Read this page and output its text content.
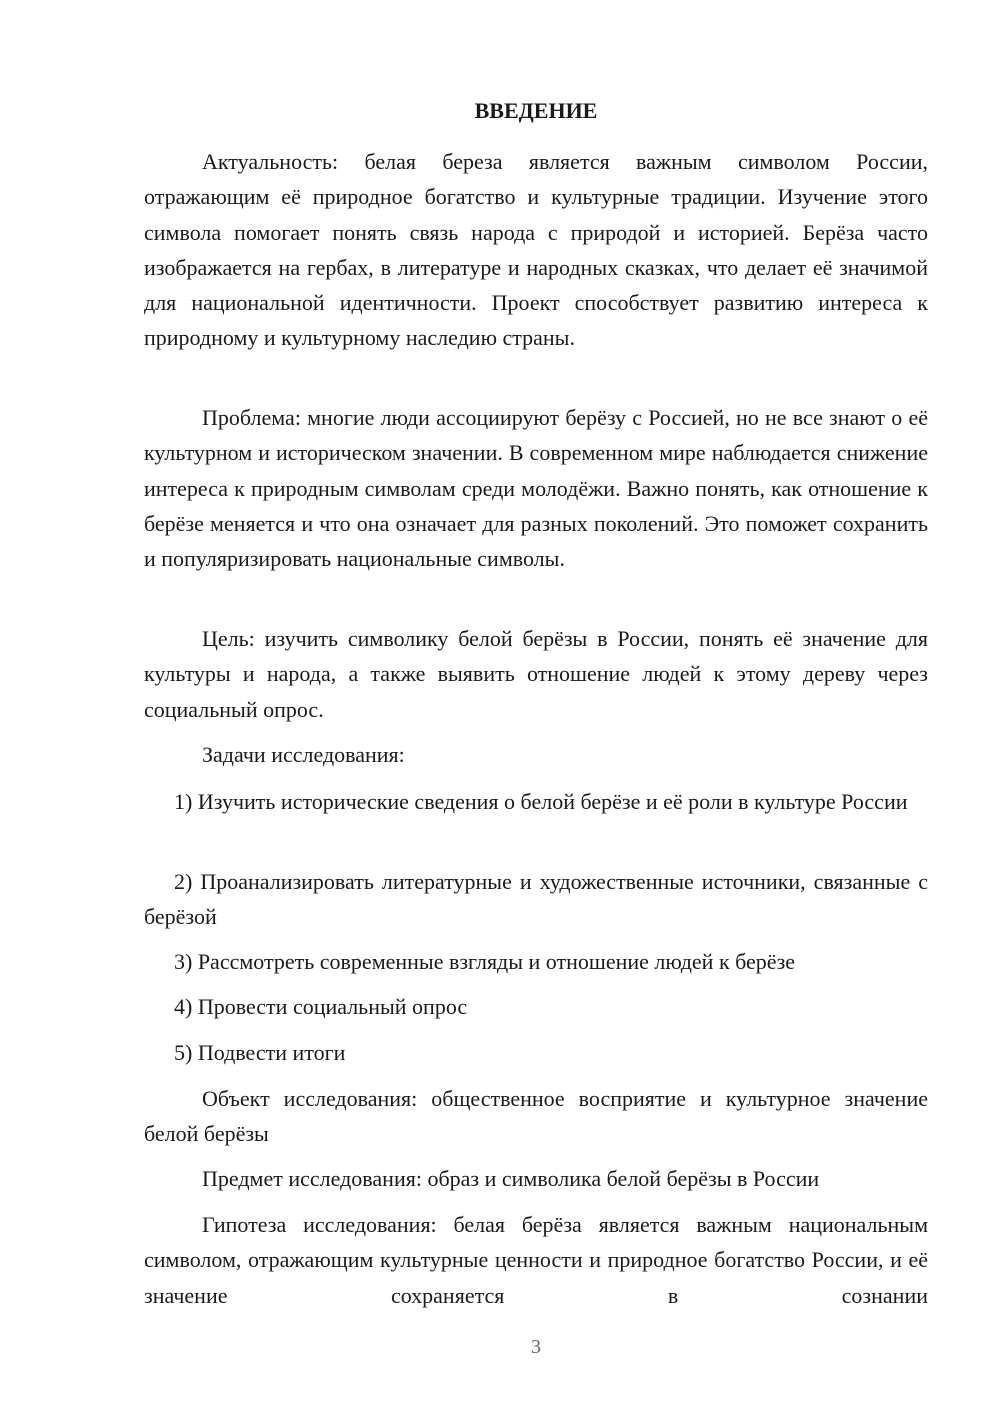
ВВЕДЕНИЕ
Актуальность: белая береза является важным символом России, отражающим её природное богатство и культурные традиции. Изучение этого символа помогает понять связь народа с природой и историей. Берёза часто изображается на гербах, в литературе и народных сказках, что делает её значимой для национальной идентичности. Проект способствует развитию интереса к природному и культурному наследию страны.
Проблема: многие люди ассоциируют берёзу с Россией, но не все знают о её культурном и историческом значении. В современном мире наблюдается снижение интереса к природным символам среди молодёжи. Важно понять, как отношение к берёзе меняется и что она означает для разных поколений. Это поможет сохранить и популяризировать национальные символы.
Цель: изучить символику белой берёзы в России, понять её значение для культуры и народа, а также выявить отношение людей к этому дереву через социальный опрос.
Задачи исследования:
1) Изучить исторические сведения о белой берёзе и её роли в культуре России
2) Проанализировать литературные и художественные источники, связанные с берёзой
3) Рассмотреть современные взгляды и отношение людей к берёзе
4) Провести социальный опрос
5) Подвести итоги
Объект исследования: общественное восприятие и культурное значение белой берёзы
Предмет исследования: образ и символика белой берёзы в России
Гипотеза исследования: белая берёза является важным национальным символом, отражающим культурные ценности и природное богатство России, и её значение сохраняется в сознании
3
